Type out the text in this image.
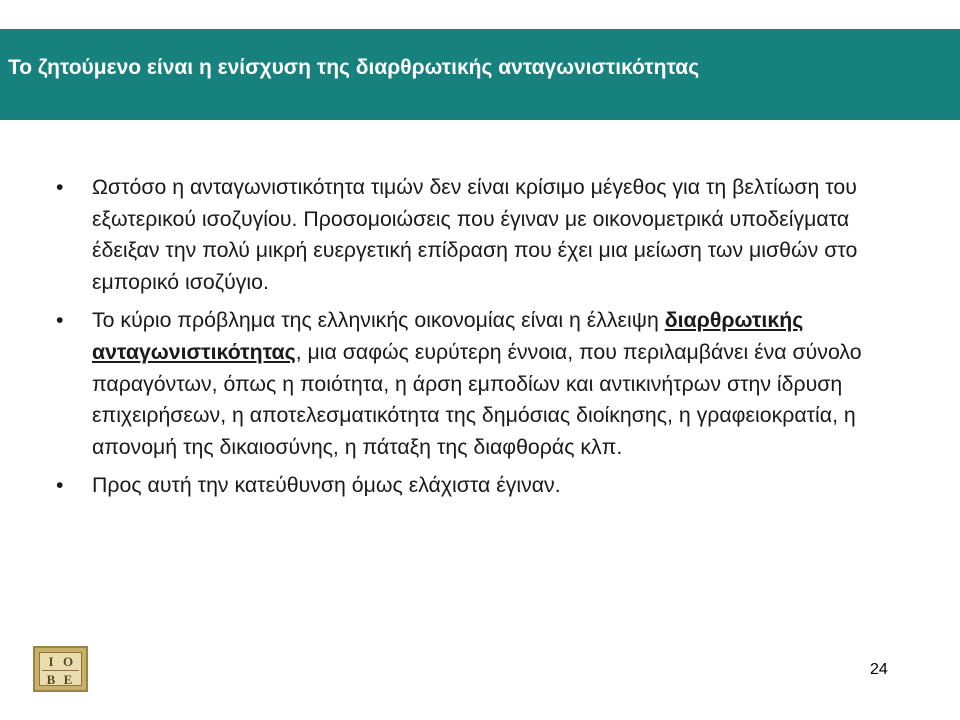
Το ζητούμενο είναι η ενίσχυση της διαρθρωτικής ανταγωνιστικότητας
• Ωστόσο η ανταγωνιστικότητα τιμών δεν είναι κρίσιμο μέγεθος για τη βελτίωση του εξωτερικού ισοζυγίου. Προσομοιώσεις που έγιναν με οικονομετρικά υποδείγματα έδειξαν την πολύ μικρή ευεργετική επίδραση που έχει μια μείωση των μισθών στο εμπορικό ισοζύγιο.
• Το κύριο πρόβλημα της ελληνικής οικονομίας είναι η έλλειψη διαρθρωτικής ανταγωνιστικότητας, μια σαφώς ευρύτερη έννοια, που περιλαμβάνει ένα σύνολο παραγόντων, όπως η ποιότητα, η άρση εμποδίων και αντικινήτρων στην ίδρυση επιχειρήσεων, η αποτελεσματικότητα της δημόσιας διοίκησης, η γραφειοκρατία, η απονομή της δικαιοσύνης, η πάταξη της διαφθοράς κλπ.
• Προς αυτή την κατεύθυνση όμως ελάχιστα έγιναν.
I O
B E
24
